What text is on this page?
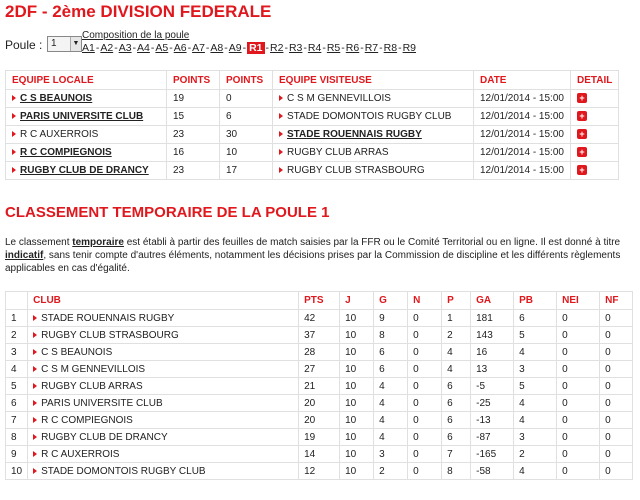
2DF - 2ème DIVISION FEDERALE
Poule : 1	▼
Composition de la poule
A1-A2-A3-A4-A5-A6-A7-A8-A9- R1 -R2-R3-R4-R5-R6-R7-R8-R9
EQUIPE LOCALE	POINTS	POINTS	EQUIPE VISITEUSE	DATE	DETAIL
C S BEAUNOIS	19	0	C S M GENNEVILLOIS	12/01/2014 - 15:00	+
PARIS UNIVERSITE CLUB	15	6	STADE DOMONTOIS RUGBY CLUB	12/01/2014 - 15:00	+
R C AUXERROIS	23	30	STADE ROUENNAIS RUGBY	12/01/2014 - 15:00	+
R C COMPIEGNOIS	16	10	RUGBY CLUB ARRAS	12/01/2014 - 15:00	+
RUGBY CLUB DE DRANCY	23	17	RUGBY CLUB STRASBOURG	12/01/2014 - 15:00	+
CLASSEMENT TEMPORAIRE DE LA POULE 1
Le classement temporaire est établi à partir des feuilles de match saisies par la FFR ou le Comité Territorial ou en ligne. Il est donné à titre indicatif, sans tenir compte d'autres éléments, notamment les décisions prises par la Commission de discipline et les différents règlements applicables en cas d'égalité.
	CLUB	PTS	J	G	N	P	GA	PB	NEI	NF
1	STADE ROUENNAIS RUGBY	42	10	9	0	1	181	6	0	0
2	RUGBY CLUB STRASBOURG	37	10	8	0	2	143	5	0	0
3	C S BEAUNOIS	28	10	6	0	4	16	4	0	0
4	C S M GENNEVILLOIS	27	10	6	0	4	13	3	0	0
5	RUGBY CLUB ARRAS	21	10	4	0	6	-5	5	0	0
6	PARIS UNIVERSITE CLUB	20	10	4	0	6	-25	4	0	0
7	R C COMPIEGNOIS	20	10	4	0	6	-13	4	0	0
8	RUGBY CLUB DE DRANCY	19	10	4	0	6	-87	3	0	0
9	R C AUXERROIS	14	10	3	0	7	-165	2	0	0
10	STADE DOMONTOIS RUGBY CLUB	12	10	2	0	8	-58	4	0	0
